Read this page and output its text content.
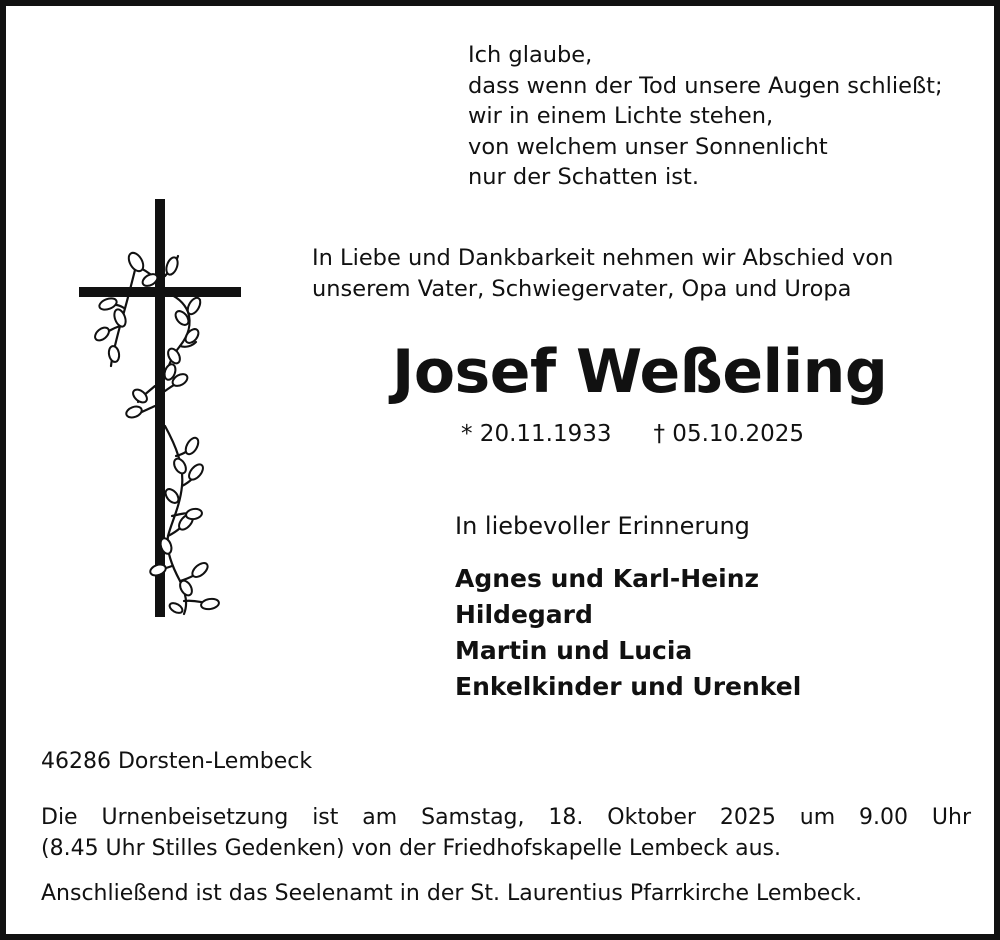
Ich glaube,
dass wenn der Tod unsere Augen schließt;
wir in einem Lichte stehen,
von welchem unser Sonnenlicht
nur der Schatten ist.
In Liebe und Dankbarkeit nehmen wir Abschied von
unserem Vater, Schwiegervater, Opa und Uropa
Josef Weßeling
* 20.11.1933 † 05.10.2025
In liebevoller Erinnerung
Agnes und Karl-Heinz
Hildegard
Martin und Lucia
Enkelkinder und Urenkel
46286 Dorsten-Lembeck
Die Urnenbeisetzung ist am Samstag, 18. Oktober 2025 um 9.00 Uhr
(8.45 Uhr Stilles Gedenken) von der Friedhofskapelle Lembeck aus.
Anschließend ist das Seelenamt in der St. Laurentius Pfarrkirche Lembeck.
